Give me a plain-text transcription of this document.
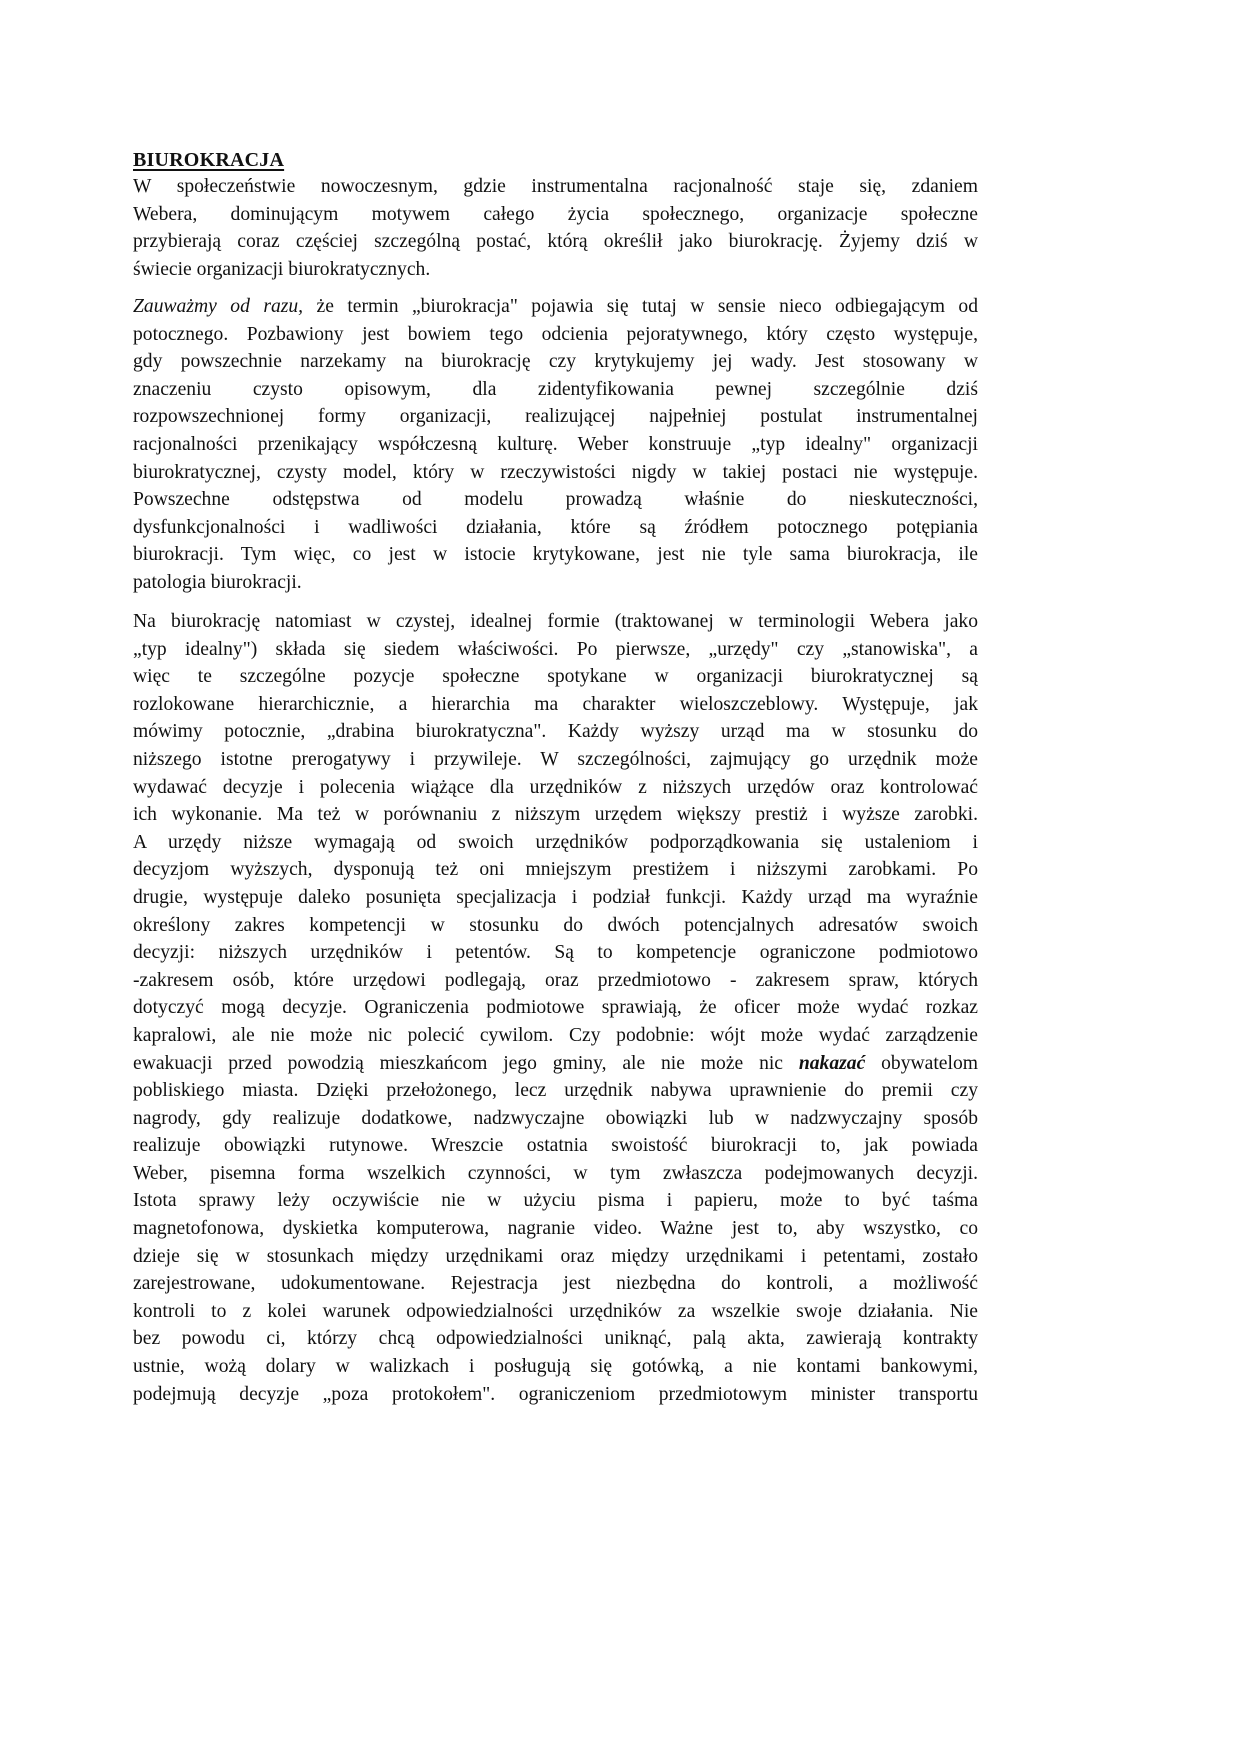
BIUROKRACJA
W społeczeństwie nowoczesnym, gdzie instrumentalna racjonalność staje się, zdaniem
Webera, dominującym motywem całego życia społecznego, organizacje społeczne
przybierają coraz częściej szczególną postać, którą określił jako biurokrację. Żyjemy dziś w
świecie organizacji biurokratycznych.
Zauważmy od razu, że termin „biurokracja" pojawia się tutaj w sensie nieco odbiegającym od
potocznego. Pozbawiony jest bowiem tego odcienia pejoratywnego, który często występuje,
gdy powszechnie narzekamy na biurokrację czy krytykujemy jej wady. Jest stosowany w
znaczeniu czysto opisowym, dla zidentyfikowania pewnej szczególnie dziś
rozpowszechnionej formy organizacji, realizującej najpełniej postulat instrumentalnej
racjonalności przenikający współczesną kulturę. Weber konstruuje „typ idealny" organizacji
biurokratycznej, czysty model, który w rzeczywistości nigdy w takiej postaci nie występuje.
Powszechne odstępstwa od modelu prowadzą właśnie do nieskuteczności,
dysfunkcjonalności i wadliwości działania, które są źródłem potocznego potępiania
biurokracji. Tym więc, co jest w istocie krytykowane, jest nie tyle sama biurokracja, ile
patologia biurokracji.
Na biurokrację natomiast w czystej, idealnej formie (traktowanej w terminologii Webera jako
„typ idealny") składa się siedem właściwości. Po pierwsze, „urzędy" czy „stanowiska", a
więc te szczególne pozycje społeczne spotykane w organizacji biurokratycznej są
rozlokowane hierarchicznie, a hierarchia ma charakter wieloszczeblowy. Występuje, jak
mówimy potocznie, „drabina biurokratyczna". Każdy wyższy urząd ma w stosunku do
niższego istotne prerogatywy i przywileje. W szczególności, zajmujący go urzędnik może
wydawać decyzje i polecenia wiążące dla urzędników z niższych urzędów oraz kontrolować
ich wykonanie. Ma też w porównaniu z niższym urzędem większy prestiż i wyższe zarobki.
A urzędy niższe wymagają od swoich urzędników podporządkowania się ustaleniom i
decyzjom wyższych, dysponują też oni mniejszym prestiżem i niższymi zarobkami. Po
drugie, występuje daleko posunięta specjalizacja i podział funkcji. Każdy urząd ma wyraźnie
określony zakres kompetencji w stosunku do dwóch potencjalnych adresatów swoich
decyzji: niższych urzędników i petentów. Są to kompetencje ograniczone podmiotowo
-zakresem osób, które urzędowi podlegają, oraz przedmiotowo - zakresem spraw, których
dotyczyć mogą decyzje. Ograniczenia podmiotowe sprawiają, że oficer może wydać rozkaz
kapralowi, ale nie może nic polecić cywilom. Czy podobnie: wójt może wydać zarządzenie
ewakuacji przed powodzią mieszkańcom jego gminy, ale nie może nic nakazać obywatelom
pobliskiego miasta. Dzięki przełożonego, lecz urzędnik nabywa uprawnienie do premii czy
nagrody, gdy realizuje dodatkowe, nadzwyczajne obowiązki lub w nadzwyczajny sposób
realizuje obowiązki rutynowe. Wreszcie ostatnia swoistość biurokracji to, jak powiada
Weber, pisemna forma wszelkich czynności, w tym zwłaszcza podejmowanych decyzji.
Istota sprawy leży oczywiście nie w użyciu pisma i papieru, może to być taśma
magnetofonowa, dyskietka komputerowa, nagranie video. Ważne jest to, aby wszystko, co
dzieje się w stosunkach między urzędnikami oraz między urzędnikami i petentami, zostało
zarejestrowane, udokumentowane. Rejestracja jest niezbędna do kontroli, a możliwość
kontroli to z kolei warunek odpowiedzialności urzędników za wszelkie swoje działania. Nie
bez powodu ci, którzy chcą odpowiedzialności uniknąć, palą akta, zawierają kontrakty
ustnie, wożą dolary w walizkach i posługują się gotówką, a nie kontami bankowymi,
podejmują decyzje „poza protokołem". ograniczeniom przedmiotowym minister transportu
